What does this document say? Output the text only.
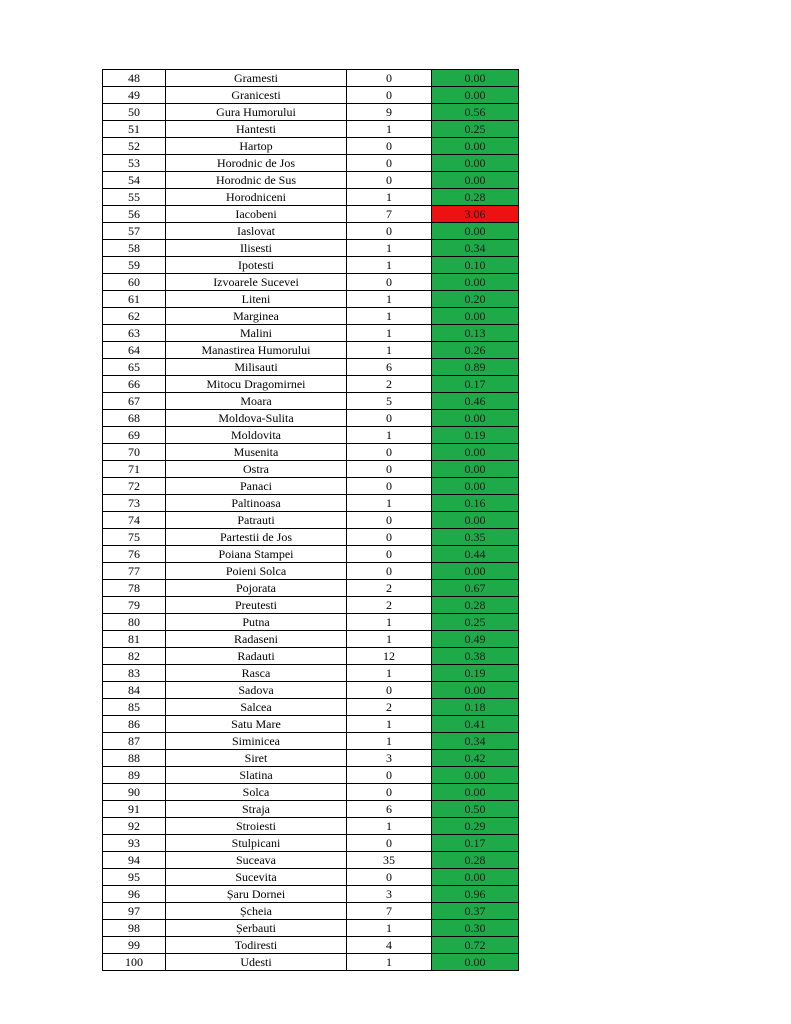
48	Gramesti	0	0.00
49	Granicesti	0	0.00
50	Gura Humorului	9	0.56
51	Hantesti	1	0.25
52	Hartop	0	0.00
53	Horodnic de Jos	0	0.00
54	Horodnic de Sus	0	0.00
55	Horodniceni	1	0.28
56	Iacobeni	7	3.06
57	Iaslovat	0	0.00
58	Ilisesti	1	0.34
59	Ipotesti	1	0.10
60	Izvoarele Sucevei	0	0.00
61	Liteni	1	0.20
62	Marginea	1	0.00
63	Malini	1	0.13
64	Manastirea Humorului	1	0.26
65	Milisauti	6	0.89
66	Mitocu Dragomirnei	2	0.17
67	Moara	5	0.46
68	Moldova-Sulita	0	0.00
69	Moldovita	1	0.19
70	Musenita	0	0.00
71	Ostra	0	0.00
72	Panaci	0	0.00
73	Paltinoasa	1	0.16
74	Patrauti	0	0.00
75	Partestii de Jos	0	0.35
76	Poiana Stampei	0	0.44
77	Poieni Solca	0	0.00
78	Pojorata	2	0.67
79	Preutesti	2	0.28
80	Putna	1	0.25
81	Radaseni	1	0.49
82	Radauti	12	0.38
83	Rasca	1	0.19
84	Sadova	0	0.00
85	Salcea	2	0.18
86	Satu Mare	1	0.41
87	Siminicea	1	0.34
88	Siret	3	0.42
89	Slatina	0	0.00
90	Solca	0	0.00
91	Straja	6	0.50
92	Stroiesti	1	0.29
93	Stulpicani	0	0.17
94	Suceava	35	0.28
95	Sucevita	0	0.00
96	Șaru Dornei	3	0.96
97	Șcheia	7	0.37
98	Șerbauti	1	0.30
99	Todiresti	4	0.72
100	Udesti	1	0.00
